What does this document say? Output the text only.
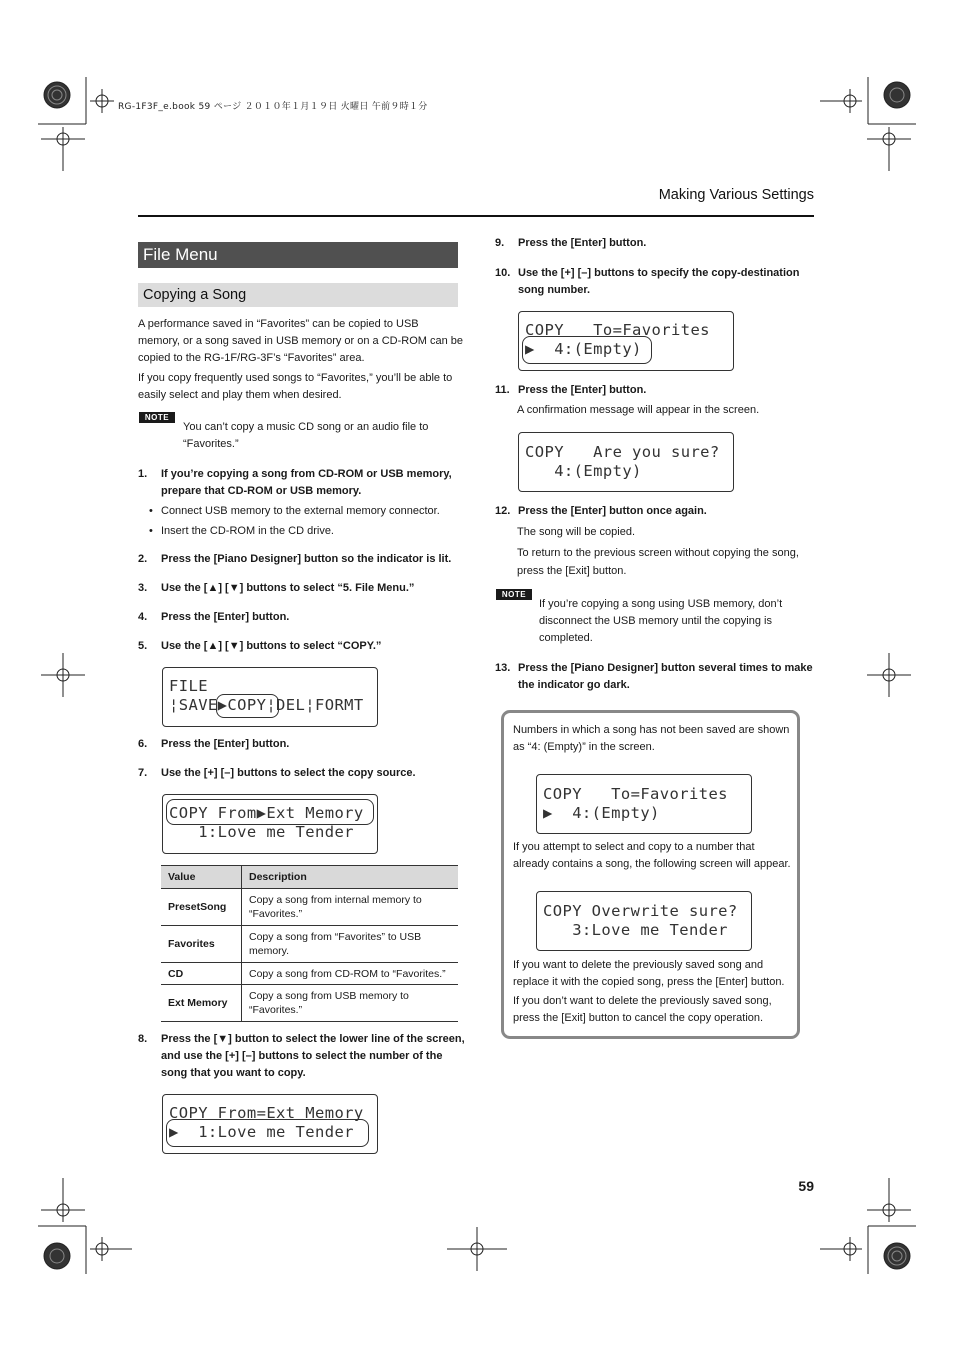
RG-1F3F_e.book 59 ページ ２０１０年１月１９日 火曜日 午前９時１分
Making Various Settings
File Menu
Copying a Song
A performance saved in “Favorites” can be copied to USB
memory, or a song saved in USB memory or on a CD-ROM can be
copied to the RG-1F/RG-3F’s “Favorites” area.
If you copy frequently used songs to “Favorites,” you’ll be able to
easily select and play them when desired.
NOTE
You can’t copy a music CD song or an audio file to
“Favorites.”
1. If you’re copying a song from CD-ROM or USB memory,
prepare that CD-ROM or USB memory.
• Connect USB memory to the external memory connector.
• Insert the CD-ROM in the CD drive.
2. Press the [Piano Designer] button so the indicator is lit.
3. Use the [▲] [▼] buttons to select “5. File Menu.”
4. Press the [Enter] button.
5. Use the [▲] [▼] buttons to select “COPY.”
FILE
¦SAVE▶COPY¦DEL¦FORMT
6. Press the [Enter] button.
7. Use the [+] [–] buttons to select the copy source.
COPY From▶Ext Memory
1:Love me Tender
Value	Description
PresetSong	Copy a song from internal memory to “Favorites.”
Favorites	Copy a song from “Favorites” to USB memory.
CD	Copy a song from CD-ROM to “Favorites.”
Ext Memory	Copy a song from USB memory to “Favorites.”
8. Press the [▼] button to select the lower line of the screen,
and use the [+] [–] buttons to select the number of the
song that you want to copy.
COPY From=Ext Memory
▶  1:Love me Tender
9. Press the [Enter] button.
10. Use the [+] [–] buttons to specify the copy-destination
song number.
COPY   To=Favorites
▶  4:(Empty)
11. Press the [Enter] button.
A confirmation message will appear in the screen.
COPY   Are you sure?
4:(Empty)
12. Press the [Enter] button once again.
The song will be copied.
To return to the previous screen without copying the song,
press the [Exit] button.
NOTE
If you’re copying a song using USB memory, don’t
disconnect the USB memory until the copying is
completed.
13. Press the [Piano Designer] button several times to make
the indicator go dark.
Numbers in which a song has not been saved are shown
as “4: (Empty)” in the screen.
COPY   To=Favorites
▶  4:(Empty)
If you attempt to select and copy to a number that
already contains a song, the following screen will appear.
COPY Overwrite sure?
3:Love me Tender
If you want to delete the previously saved song and
replace it with the copied song, press the [Enter] button.
If you don’t want to delete the previously saved song,
press the [Exit] button to cancel the copy operation.
59
